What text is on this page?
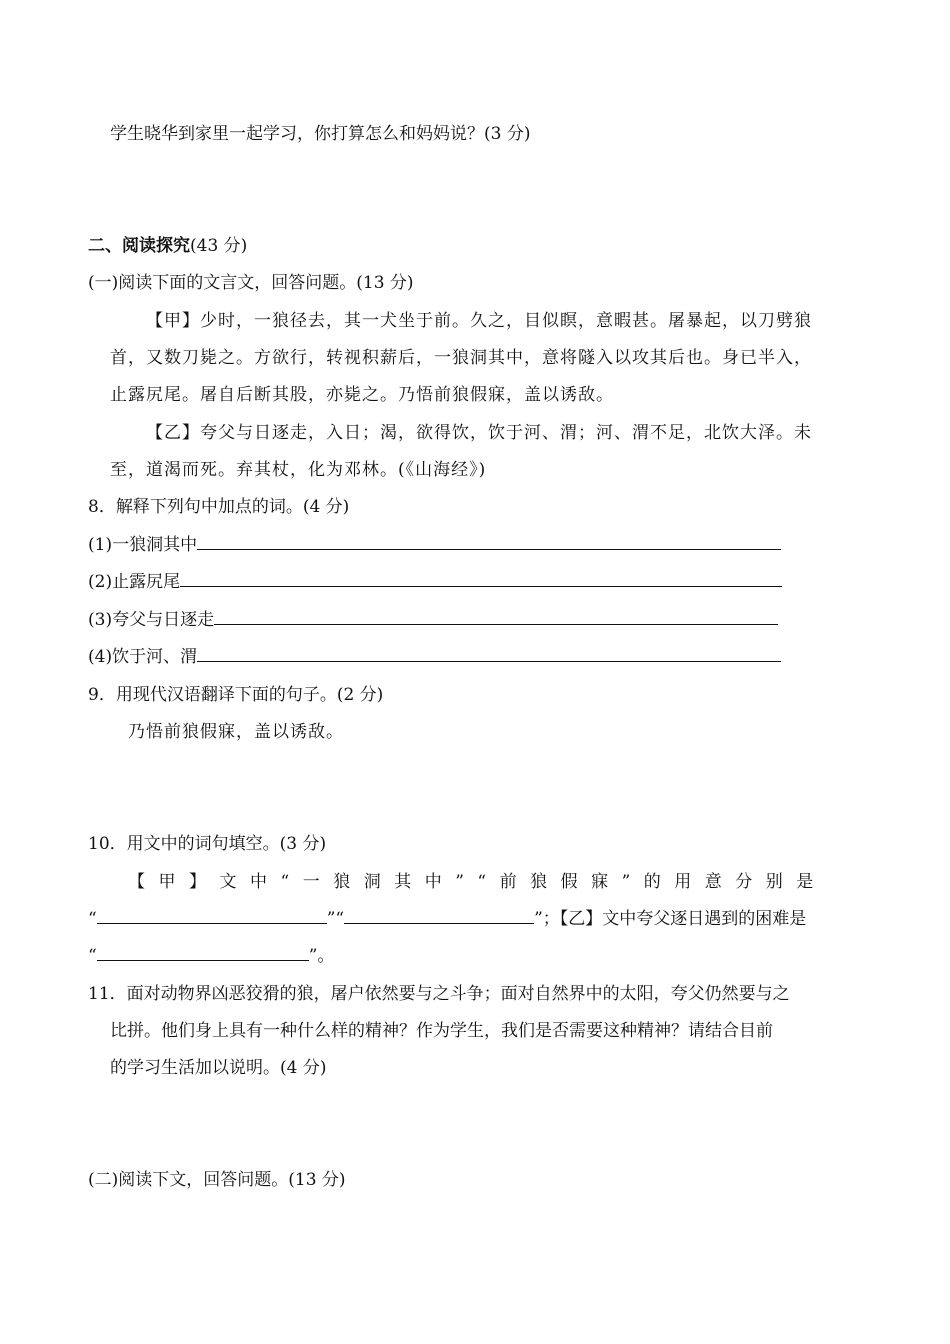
学生晓华到家里一起学习，你打算怎么和妈妈说？(3 分)
二、阅读探究(43 分)
(一)阅读下面的文言文，回答问题。(13 分)
【甲】少时，一狼径去，其一犬坐于前。久之，目似瞑，意暇甚。屠暴起，以刀劈狼
首，又数刀毙之。方欲行，转视积薪后，一狼洞其中，意将隧入以攻其后也。身已半入，
止露尻尾。屠自后断其股，亦毙之。乃悟前狼假寐，盖以诱敌。
【乙】夸父与日逐走，入日；渴，欲得饮，饮于河、渭；河、渭不足，北饮大泽。未
至，道渴而死。弃其杖，化为邓林。(《山海经》)
8．解释下列句中加点的词。(4 分)
(1)一狼洞其中
(2)止露尻尾
(3)夸父与日逐走
(4)饮于河、渭
9．用现代汉语翻译下面的句子。(2 分)
乃悟前狼假寐，盖以诱敌。
10．用文中的词句填空。(3 分)
【甲】文中“一狼洞其中”“前狼假寐”的用意分别是
“	”“	”；【乙】文中夸父逐日遇到的困难是
“	”。
11．面对动物界凶恶狡猾的狼，屠户依然要与之斗争；面对自然界中的太阳，夸父仍然要与之
比拼。他们身上具有一种什么样的精神？作为学生，我们是否需要这种精神？请结合目前
的学习生活加以说明。(4 分)
(二)阅读下文，回答问题。(13 分)
